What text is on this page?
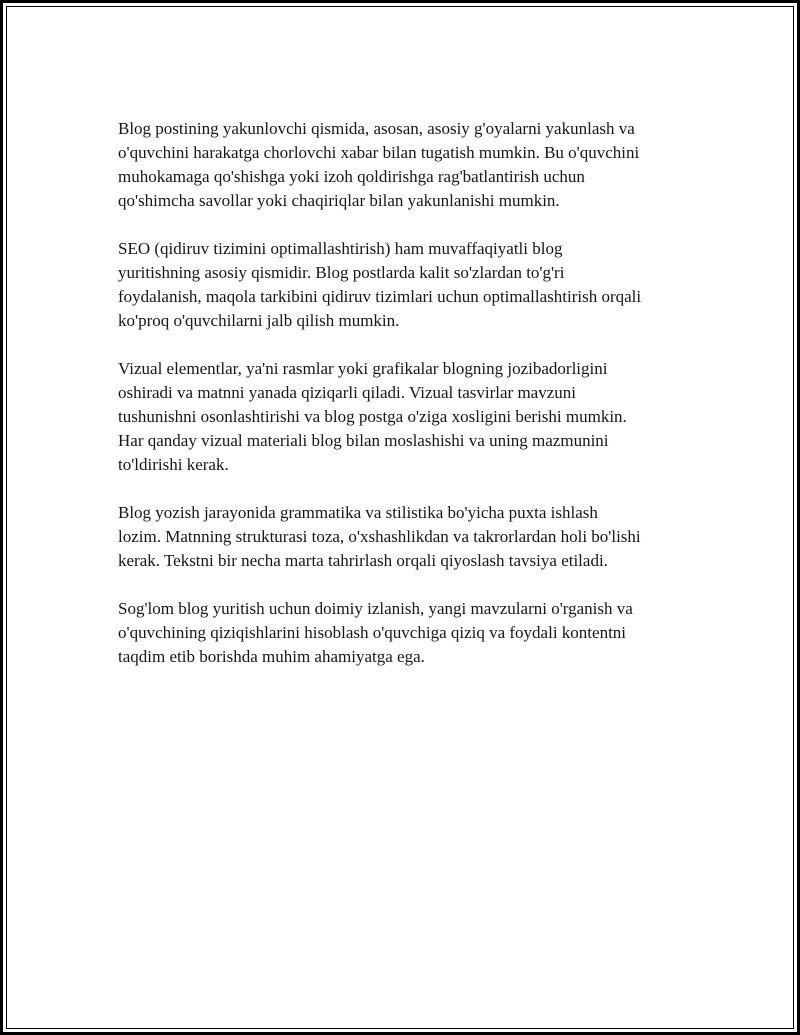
Blog postining yakunlovchi qismida, asosan, asosiy g'oyalarni yakunlash va
o'quvchini harakatga chorlovchi xabar bilan tugatish mumkin. Bu o'quvchini
muhokamaga qo'shishga yoki izoh qoldirishga rag'batlantirish uchun
qo'shimcha savollar yoki chaqiriqlar bilan yakunlanishi mumkin.
SEO (qidiruv tizimini optimallashtirish) ham muvaffaqiyatli blog
yuritishning asosiy qismidir. Blog postlarda kalit so'zlardan to'g'ri
foydalanish, maqola tarkibini qidiruv tizimlari uchun optimallashtirish orqali
ko'proq o'quvchilarni jalb qilish mumkin.
Vizual elementlar, ya'ni rasmlar yoki grafikalar blogning jozibadorligini
oshiradi va matnni yanada qiziqarli qiladi. Vizual tasvirlar mavzuni
tushunishni osonlashtirishi va blog postga o'ziga xosligini berishi mumkin.
Har qanday vizual materiali blog bilan moslashishi va uning mazmunini
to'ldirishi kerak.
Blog yozish jarayonida grammatika va stilistika bo'yicha puxta ishlash
lozim. Matnning strukturasi toza, o'xshashlikdan va takrorlardan holi bo'lishi
kerak. Tekstni bir necha marta tahrirlash orqali qiyoslash tavsiya etiladi.
Sog'lom blog yuritish uchun doimiy izlanish, yangi mavzularni o'rganish va
o'quvchining qiziqishlarini hisoblash o'quvchiga qiziq va foydali kontentni
taqdim etib borishda muhim ahamiyatga ega.
